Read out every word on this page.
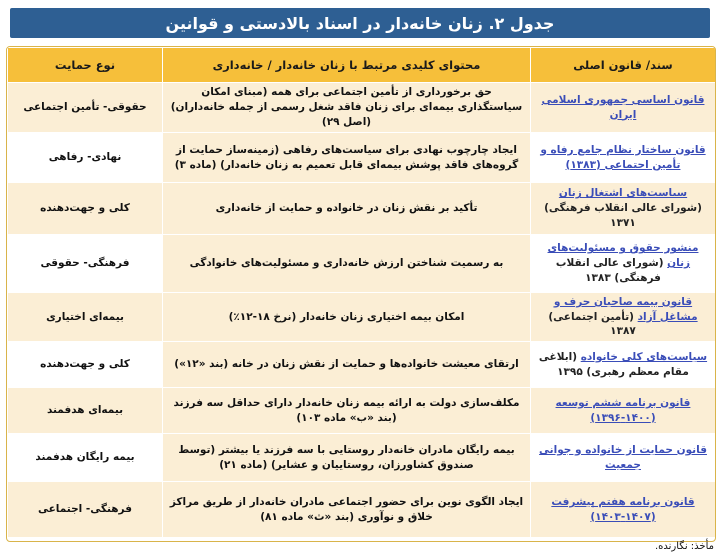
جدول ۲. زنان خانه‌دار در اسناد بالادستی و قوانین
سند/ قانون اصلی	محتوای کلیدی مرتبط با زنان خانه‌دار / خانه‌داری	نوع حمایت
قانون اساسی جمهوری اسلامی ایران	حق برخورداری از تأمین اجتماعی برای همه (مبنای امکان سیاستگذاری بیمه‌ای برای زنان فاقد شغل رسمی از جمله خانه‌داران) (اصل ۲۹)	حقوقی- تأمین اجتماعی
قانون ساختار نظام جامع رفاه و تأمین اجتماعی (۱۳۸۳)	ایجاد چارچوب نهادی برای سیاست‌های رفاهی (زمینه‌ساز حمایت از گروه‌های فاقد پوشش بیمه‌ای قابل تعمیم به زنان خانه‌دار) (ماده ۳)	نهادی- رفاهی
سیاست‌های اشتغال زنان (شورای عالی انقلاب فرهنگی) ۱۳۷۱	تأکید بر نقش زنان در خانواده و حمایت از خانه‌داری	کلی و جهت‌دهنده
منشور حقوق و مسئولیت‌های زنان (شورای عالی انقلاب فرهنگی) ۱۳۸۳	به رسمیت شناختن ارزش خانه‌داری و مسئولیت‌های خانوادگی	فرهنگی- حقوقی
قانون بیمه صاحبان حرف و مشاغل آزاد (تأمین اجتماعی) ۱۳۸۷	امکان بیمه اختیاری زنان خانه‌دار (نرخ ۱۸-۱۲٪)	بیمه‌ای اختیاری
سیاست‌های کلی خانواده (ابلاغی مقام معظم رهبری) ۱۳۹۵	ارتقای معیشت خانواده‌ها و حمایت از نقش زنان در خانه (بند «۱۲»)	کلی و جهت‌دهنده
قانون برنامه ششم توسعه (۱۴۰۰-۱۳۹۶)	مکلف‌سازی دولت به ارائه بیمه زنان خانه‌دار دارای حداقل سه فرزند (بند «ب» ماده ۱۰۳)	بیمه‌ای هدفمند
قانون حمایت از خانواده و جوانی جمعیت	بیمه رایگان مادران خانه‌دار روستایی با سه فرزند یا بیشتر (توسط صندوق کشاورزان، روستاییان و عشایر) (ماده ۲۱)	بیمه رایگان هدفمند
قانون برنامه هفتم پیشرفت (۱۴۰۷-۱۴۰۳)	ایجاد الگوی نوین برای حضور اجتماعی مادران خانه‌دار از طریق مراکز خلاق و نوآوری (بند «ث» ماده ۸۱)	فرهنگی- اجتماعی
مأخذ: نگارنده.
